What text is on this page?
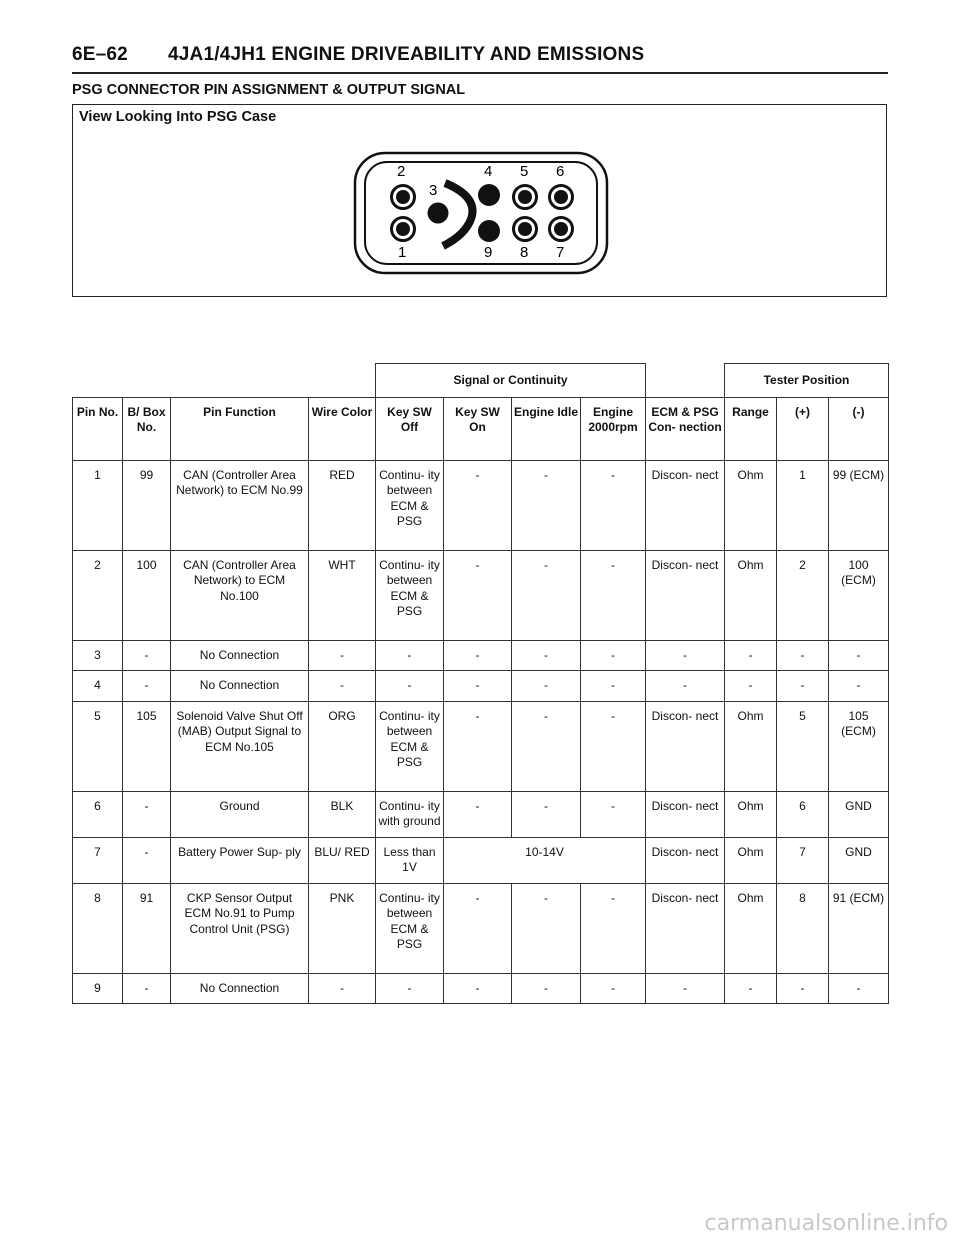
6E–62 4JA1/4JH1 ENGINE DRIVEABILITY AND EMISSIONS
PSG CONNECTOR PIN ASSIGNMENT & OUTPUT SIGNAL
View Looking Into PSG Case
2
3
4 5 6
1	9 8 7
				Signal or Continuity					Tester Position		
Pin No.	B/ Box No.	Pin Function	Wire Color	Key SW Off	Key SW On	Engine Idle	Engine 2000rpm	ECM & PSG Con- nection	Range	(+)	(-)
1	99	CAN (Controller Area Network) to ECM No.99	RED	Continu- ity between ECM & PSG	-	-	-	Discon- nect	Ohm	1	99 (ECM)
2	100	CAN (Controller Area Network) to ECM No.100	WHT	Continu- ity between ECM & PSG	-	-	-	Discon- nect	Ohm	2	100 (ECM)
3	-	No Connection	-	-	-	-	-	-	-	-	-
4	-	No Connection	-	-	-	-	-	-	-	-	-
5	105	Solenoid Valve Shut Off (MAB) Output Signal to ECM No.105	ORG	Continu- ity between ECM & PSG	-	-	-	Discon- nect	Ohm	5	105 (ECM)
6	-	Ground	BLK	Continu- ity with ground	-	-	-	Discon- nect	Ohm	6	GND
7	-	Battery Power Sup- ply	BLU/ RED	Less than 1V	10-14V			Discon- nect	Ohm	7	GND
8	91	CKP Sensor Output ECM No.91 to Pump Control Unit (PSG)	PNK	Continu- ity between ECM & PSG	-	-	-	Discon- nect	Ohm	8	91 (ECM)
9	-	No Connection	-	-	-	-	-	-	-	-	-
carmanualsonline.info
